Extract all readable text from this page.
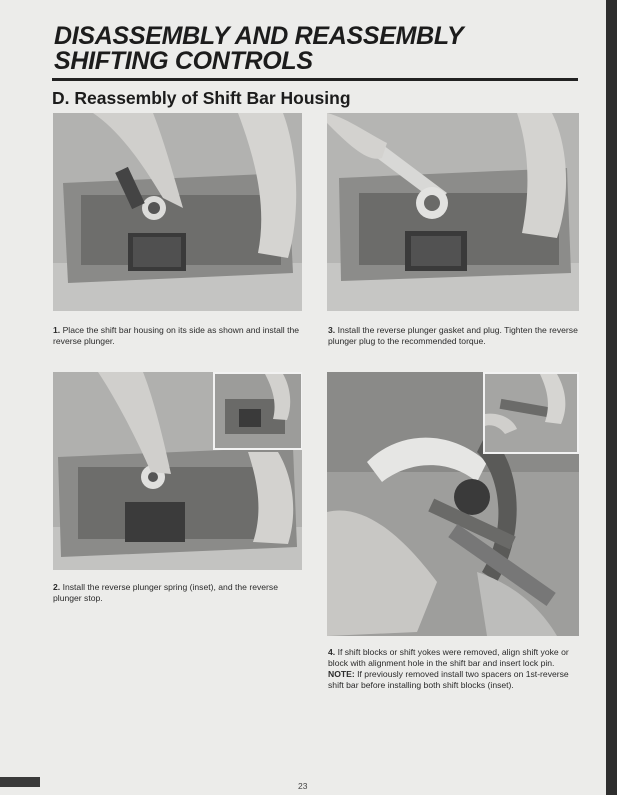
DISASSEMBLY AND REASSEMBLY
SHIFTING CONTROLS
D. Reassembly of Shift Bar Housing
1. Place the shift bar housing on its side as shown and install the reverse plunger.
3. Install the reverse plunger gasket and plug. Tighten the reverse plunger plug to the recommended torque.
2. Install the reverse plunger spring (inset), and the reverse plunger stop.
4. If shift blocks or shift yokes were removed, align shift yoke or block with alignment hole in the shift bar and insert lock pin.
NOTE: If previously removed install two spacers on 1st-reverse shift bar before installing both shift blocks (inset).
23
